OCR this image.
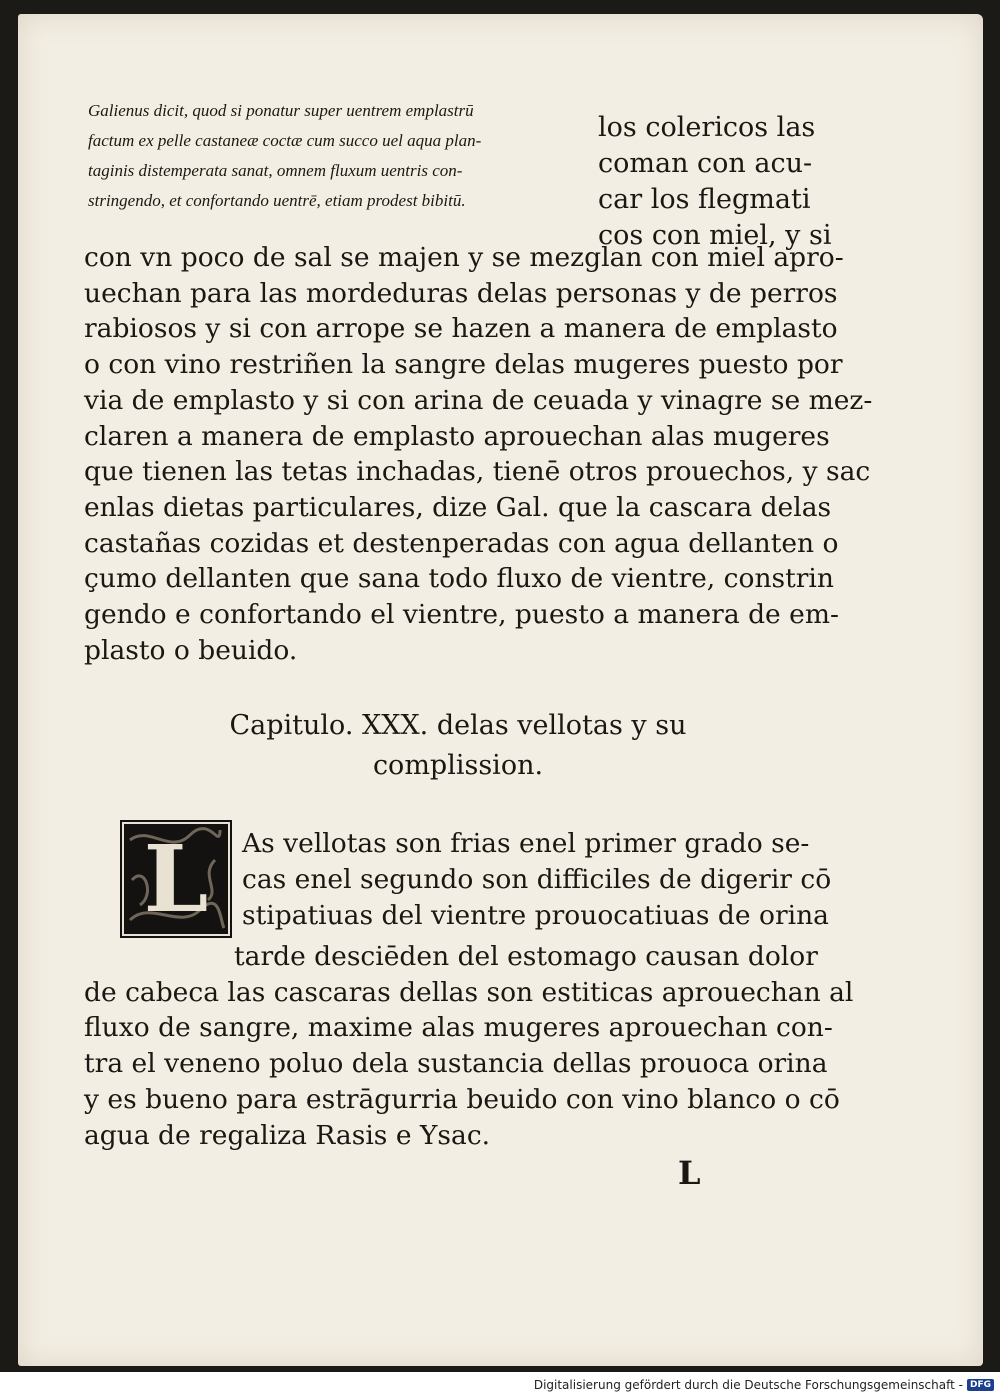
Galienus dicit, quod si ponatur super uentrem emplastrū
factum ex pelle castaneæ coctæ cum succo uel aqua plan-
taginis distemperata sanat, omnem fluxum uentris con-
stringendo, et confortando uentrē, etiam prodest bibitū.
los colericos las
coman con acu-
car los flegmati
cos con miel, y si
con vn poco de sal se majen y se mezglan con miel apro-
uechan para las mordeduras delas personas y de perros
rabiosos y si con arrope se hazen a manera de emplasto
o con vino restriñen la sangre delas mugeres puesto por
via de emplasto y si con arina de ceuada y vinagre se mez-
claren a manera de emplasto aprouechan alas mugeres
que tienen las tetas inchadas, tienē otros prouechos, y sac
enlas dietas particulares, dize Gal. que la cascara delas
castañas cozidas et destenperadas con agua dellanten o
çumo dellanten que sana todo fluxo de vientre, constrin
gendo e confortando el vientre, puesto a manera de em-
plasto o beuido.
Capitulo. XXX. delas vellotas y su
complission.
L	As vellotas son frias enel primer grado se-
cas enel segundo son difficiles de digerir cō
stipatiuas del vientre prouocatiuas de orina
tarde desciēden del estomago causan dolor
de cabeca las cascaras dellas son estiticas aprouechan al
fluxo de sangre, maxime alas mugeres aprouechan con-
tra el veneno poluo dela sustancia dellas prouoca orina
y es bueno para estrāgurria beuido con vino blanco o cō
agua de regaliza Rasis e Ysac.
L
Digitalisierung gefördert durch die Deutsche Forschungsgemeinschaft - DFG
